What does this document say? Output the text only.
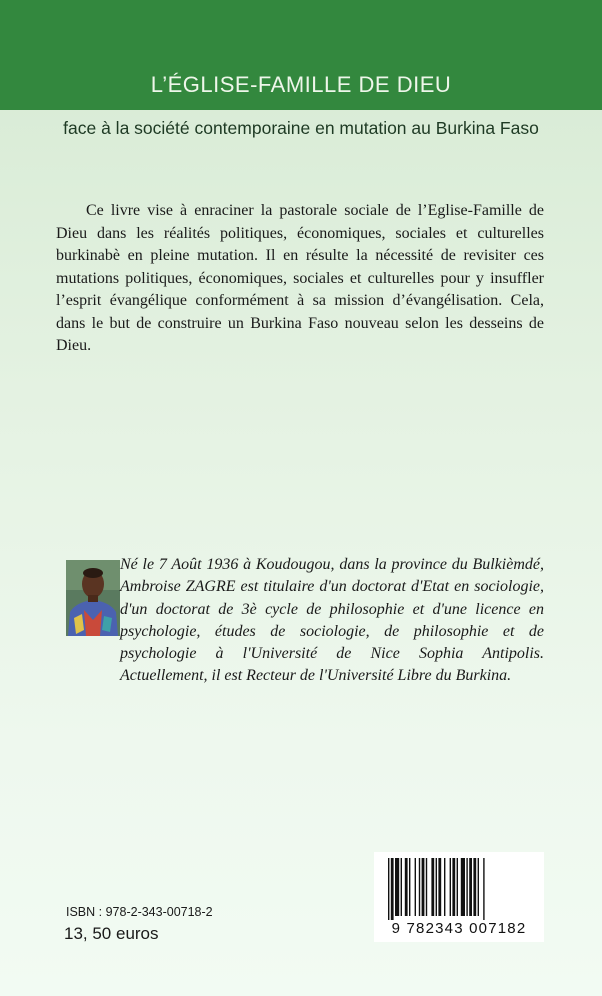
L’ÉGLISE-FAMILLE DE DIEU

face à la société contemporaine en mutation au Burkina Faso

Ce livre vise à enraciner la pastorale sociale de l’Eglise-Famille de Dieu dans les réalités politiques, économiques, sociales et culturelles burkinabè en pleine mutation. Il en résulte la nécessité de revisiter ces mutations politiques, économiques, sociales et culturelles pour y insuffler l’esprit évangélique conformément à sa mission d’évangélisation. Cela, dans le but de construire un Burkina Faso nouveau selon les desseins de Dieu.

Né le 7 Août 1936 à Koudougou, dans la province du Bulkièmdé, Ambroise ZAGRE est titulaire d'un doctorat d'Etat en sociologie, d'un doctorat de 3è cycle de philosophie et d'une licence en psychologie, études de sociologie, de philosophie et de psychologie à l'Université de Nice Sophia Antipolis. Actuellement, il est Recteur de l'Université Libre du Burkina.

ISBN : 978-2-343-00718-2
13, 50 euros	9 782343 007182
